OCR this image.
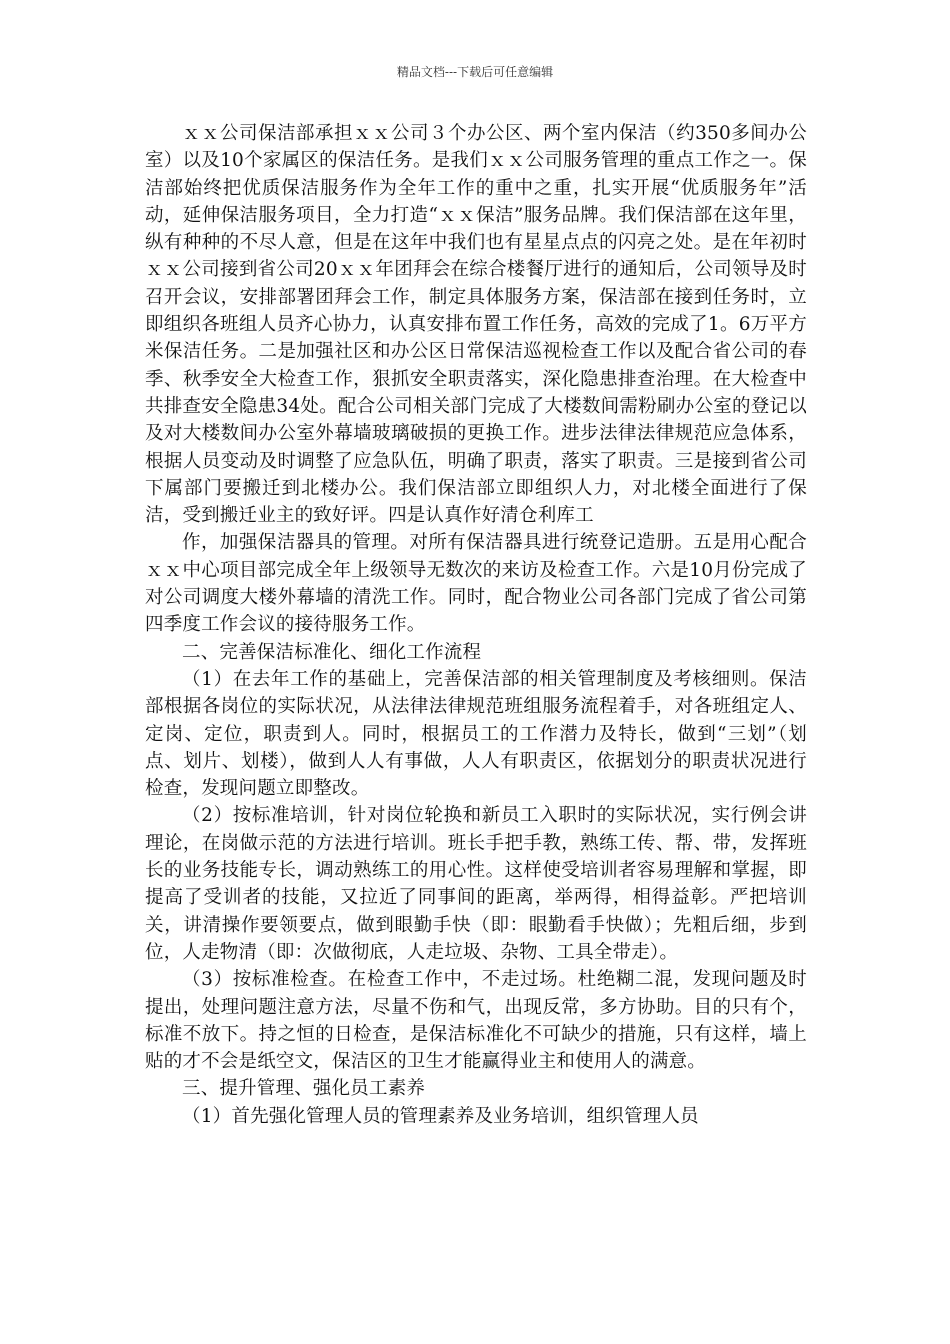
精品文档---下载后可任意编辑

ｘｘ公司保洁部承担ｘｘ公司３个办公区、两个室内保洁（约350多间办公室）以及10个家属区的保洁任务。是我们ｘｘ公司服务管理的重点工作之一。保洁部始终把优质保洁服务作为全年工作的重中之重，扎实开展“优质服务年”活动，延伸保洁服务项目，全力打造“ｘｘ保洁”服务品牌。我们保洁部在这年里，纵有种种的不尽人意，但是在这年中我们也有星星点点的闪亮之处。是在年初时ｘｘ公司接到省公司20ｘｘ年团拜会在综合楼餐厅进行的通知后，公司领导及时召开会议，安排部署团拜会工作，制定具体服务方案，保洁部在接到任务时，立即组织各班组人员齐心协力，认真安排布置工作任务，高效的完成了1。6万平方米保洁任务。二是加强社区和办公区日常保洁巡视检查工作以及配合省公司的春季、秋季安全大检查工作，狠抓安全职责落实，深化隐患排查治理。在大检查中共排查安全隐患34处。配合公司相关部门完成了大楼数间需粉刷办公室的登记以及对大楼数间办公室外幕墙玻璃破损的更换工作。进步法律法律规范应急体系，根据人员变动及时调整了应急队伍，明确了职责，落实了职责。三是接到省公司下属部门要搬迁到北楼办公。我们保洁部立即组织人力，对北楼全面进行了保洁，受到搬迁业主的致好评。四是认真作好清仓利库工

作，加强保洁器具的管理。对所有保洁器具进行统登记造册。五是用心配合ｘｘ中心项目部完成全年上级领导无数次的来访及检查工作。六是10月份完成了对公司调度大楼外幕墙的清洗工作。同时，配合物业公司各部门完成了省公司第四季度工作会议的接待服务工作。

二、完善保洁标准化、细化工作流程

（1）在去年工作的基础上，完善保洁部的相关管理制度及考核细则。保洁部根据各岗位的实际状况，从法律法律规范班组服务流程着手，对各班组定人、定岗、定位，职责到人。同时，根据员工的工作潜力及特长，做到“三划”（划点、划片、划楼），做到人人有事做，人人有职责区，依据划分的职责状况进行检查，发现问题立即整改。

（2）按标准培训，针对岗位轮换和新员工入职时的实际状况，实行例会讲理论，在岗做示范的方法进行培训。班长手把手教，熟练工传、帮、带，发挥班长的业务技能专长，调动熟练工的用心性。这样使受培训者容易理解和掌握，即提高了受训者的技能，又拉近了同事间的距离，举两得，相得益彰。严把培训关，讲清操作要领要点，做到眼勤手快（即：眼勤看手快做）；先粗后细，步到位，人走物清（即：次做彻底，人走垃圾、杂物、工具全带走）。

（3）按标准检查。在检查工作中，不走过场。杜绝糊二混，发现问题及时提出，处理问题注意方法，尽量不伤和气，出现反常，多方协助。目的只有个，标准不放下。持之恒的日检查，是保洁标准化不可缺少的措施，只有这样，墙上贴的才不会是纸空文，保洁区的卫生才能赢得业主和使用人的满意。

三、提升管理、强化员工素养

（1）首先强化管理人员的管理素养及业务培训，组织管理人员
